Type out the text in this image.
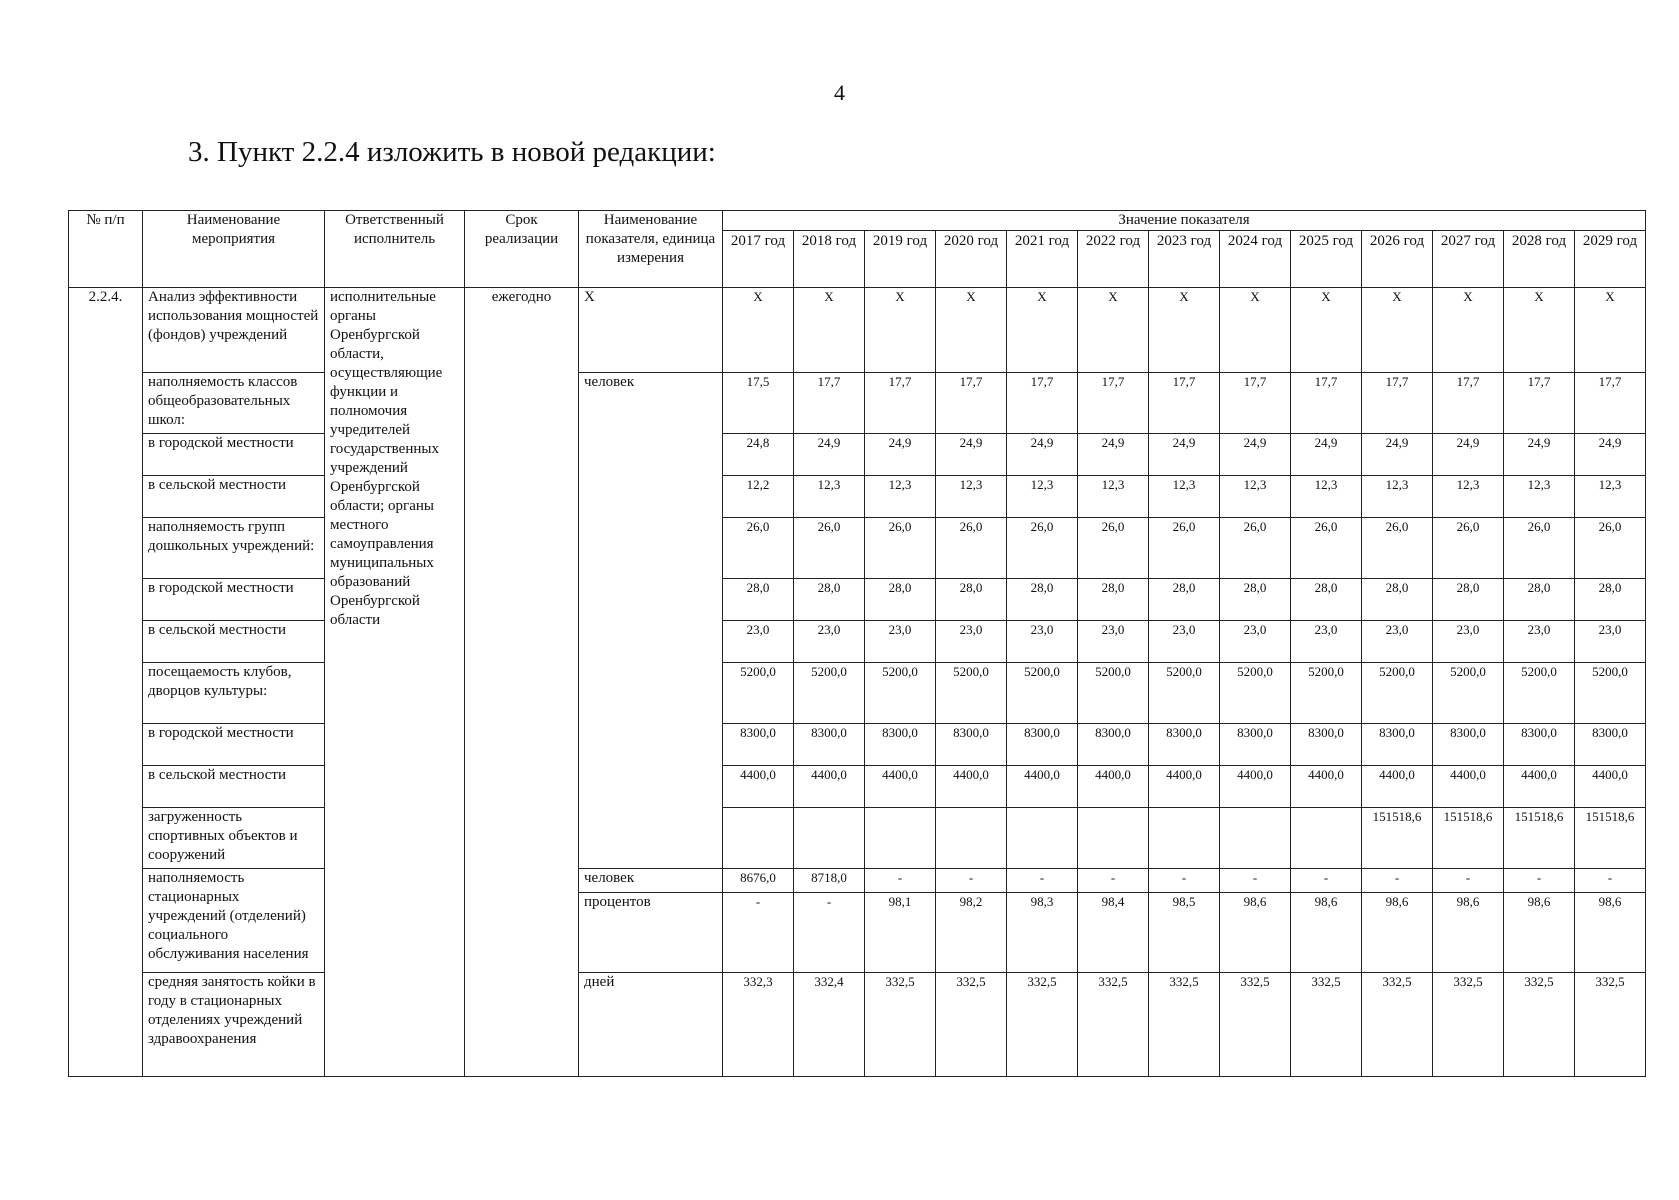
4
3. Пункт 2.2.4 изложить в новой редакции:
№ п/п	Наименование мероприятия	Ответственный исполнитель	Срок реализации	Наименование показателя, единица измерения	Значение показателя												
					2017 год	2018 год	2019 год	2020 год	2021 год	2022 год	2023 год	2024 год	2025 год	2026 год	2027 год	2028 год	2029 год
2.2.4.	Анализ эффективности использования мощностей (фондов) учреждений	исполнительные органы Оренбургской области, осуществляющие функции и полномочия учредителей государственных учреждений Оренбургской области; органы местного самоуправления муниципальных образований Оренбургской области	ежегодно	X	X	X	X	X	X	X	X	X	X	X	X	X	X
	наполняемость классов общеобразовательных школ:			человек	17,5	17,7	17,7	17,7	17,7	17,7	17,7	17,7	17,7	17,7	17,7	17,7	17,7
	в городской местности				24,8	24,9	24,9	24,9	24,9	24,9	24,9	24,9	24,9	24,9	24,9	24,9	24,9
	в сельской местности				12,2	12,3	12,3	12,3	12,3	12,3	12,3	12,3	12,3	12,3	12,3	12,3	12,3
	наполняемость групп дошкольных учреждений:				26,0	26,0	26,0	26,0	26,0	26,0	26,0	26,0	26,0	26,0	26,0	26,0	26,0
	в городской местности				28,0	28,0	28,0	28,0	28,0	28,0	28,0	28,0	28,0	28,0	28,0	28,0	28,0
	в сельской местности				23,0	23,0	23,0	23,0	23,0	23,0	23,0	23,0	23,0	23,0	23,0	23,0	23,0
	посещаемость клубов, дворцов культуры:				5200,0	5200,0	5200,0	5200,0	5200,0	5200,0	5200,0	5200,0	5200,0	5200,0	5200,0	5200,0	5200,0
	в городской местности				8300,0	8300,0	8300,0	8300,0	8300,0	8300,0	8300,0	8300,0	8300,0	8300,0	8300,0	8300,0	8300,0
	в сельской местности				4400,0	4400,0	4400,0	4400,0	4400,0	4400,0	4400,0	4400,0	4400,0	4400,0	4400,0	4400,0	4400,0
	загруженность спортивных объектов и сооружений													151518,6	151518,6	151518,6	151518,6
	наполняемость стационарных учреждений (отделений) социального обслуживания населения			человек	8676,0	8718,0	-	-	-	-	-	-	-	-	-	-	-
				процентов	-	-	98,1	98,2	98,3	98,4	98,5	98,6	98,6	98,6	98,6	98,6	98,6
	средняя занятость койки в году в стационарных отделениях учреждений здравоохранения			дней	332,3	332,4	332,5	332,5	332,5	332,5	332,5	332,5	332,5	332,5	332,5	332,5	332,5
